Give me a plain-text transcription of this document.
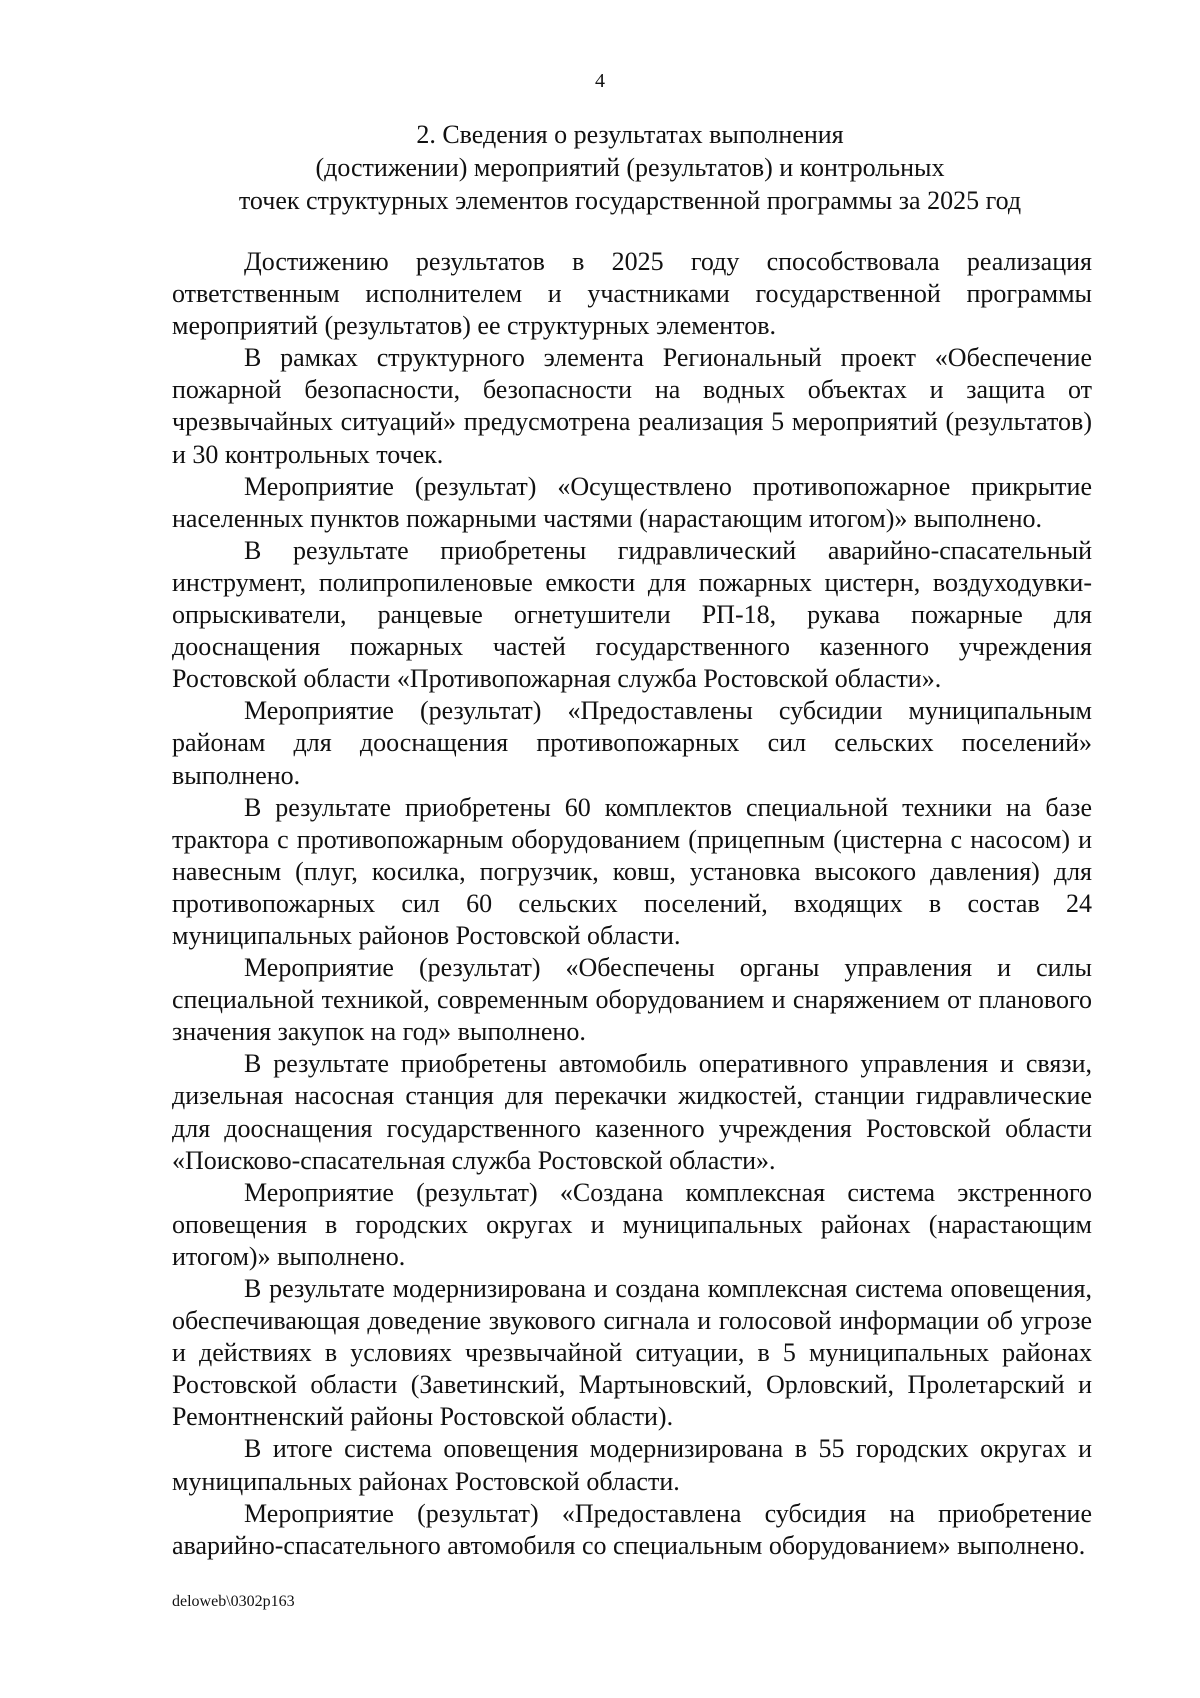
4
2. Сведения о результатах выполнения
(достижении) мероприятий (результатов) и контрольных
точек структурных элементов государственной программы за 2025 год

Достижению результатов в 2025 году способствовала реализация ответственным исполнителем и участниками государственной программы мероприятий (результатов) ее структурных элементов.

В рамках структурного элемента Региональный проект «Обеспечение пожарной безопасности, безопасности на водных объектах и защита от чрезвычайных ситуаций» предусмотрена реализация 5 мероприятий (результатов) и 30 контрольных точек.

Мероприятие (результат) «Осуществлено противопожарное прикрытие населенных пунктов пожарными частями (нарастающим итогом)» выполнено.

В результате приобретены гидравлический аварийно-спасательный инструмент, полипропиленовые емкости для пожарных цистерн, воздуходувки-опрыскиватели, ранцевые огнетушители РП-18, рукава пожарные для дооснащения пожарных частей государственного казенного учреждения Ростовской области «Противопожарная служба Ростовской области».

Мероприятие (результат) «Предоставлены субсидии муниципальным районам для дооснащения противопожарных сил сельских поселений» выполнено.

В результате приобретены 60 комплектов специальной техники на базе трактора с противопожарным оборудованием (прицепным (цистерна с насосом) и навесным (плуг, косилка, погрузчик, ковш, установка высокого давления) для противопожарных сил 60 сельских поселений, входящих в состав 24 муниципальных районов Ростовской области.

Мероприятие (результат) «Обеспечены органы управления и силы специальной техникой, современным оборудованием и снаряжением от планового значения закупок на год» выполнено.

В результате приобретены автомобиль оперативного управления и связи, дизельная насосная станция для перекачки жидкостей, станции гидравлические для дооснащения государственного казенного учреждения Ростовской области «Поисково-спасательная служба Ростовской области».

Мероприятие (результат) «Создана комплексная система экстренного оповещения в городских округах и муниципальных районах (нарастающим итогом)» выполнено.

В результате модернизирована и создана комплексная система оповещения, обеспечивающая доведение звукового сигнала и голосовой информации об угрозе и действиях в условиях чрезвычайной ситуации, в 5 муниципальных районах Ростовской области (Заветинский, Мартыновский, Орловский, Пролетарский и Ремонтненский районы Ростовской области).

В итоге система оповещения модернизирована в 55 городских округах и муниципальных районах Ростовской области.

Мероприятие (результат) «Предоставлена субсидия на приобретение аварийно-спасательного автомобиля со специальным оборудованием» выполнено.

deloweb\0302p163
